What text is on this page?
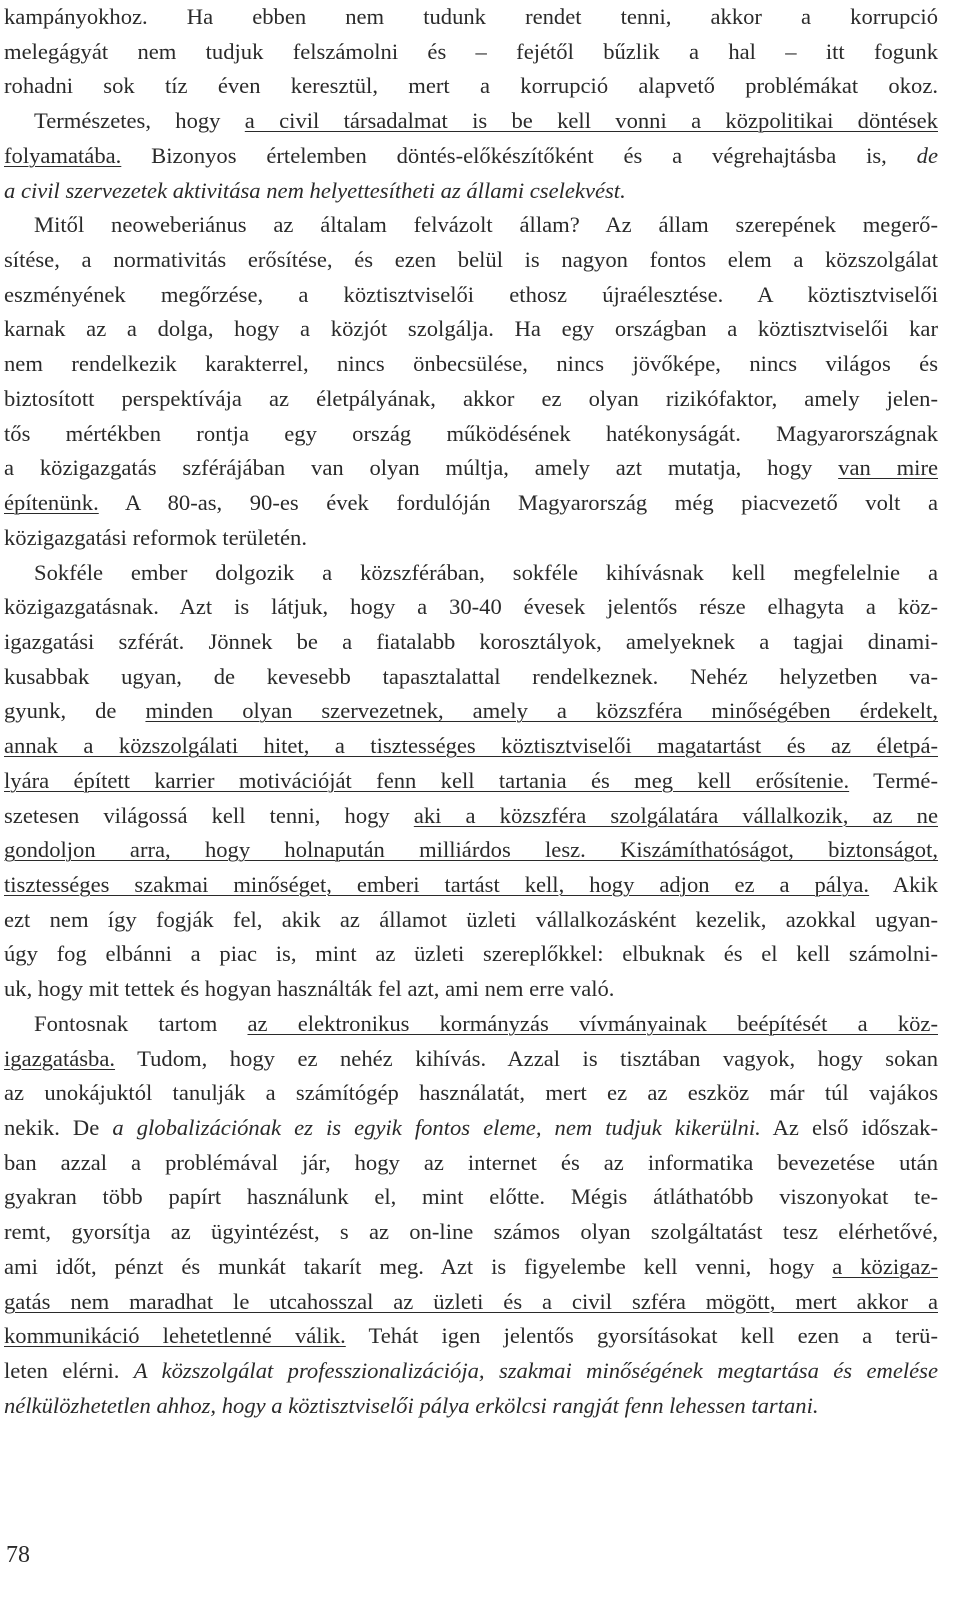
kampányokhoz. Ha ebben nem tudunk rendet tenni, akkor a korrupció
melegágyát nem tudjuk felszámolni és – fejétől bűzlik a hal – itt fogunk
rohadni sok tíz éven keresztül, mert a korrupció alapvető problémákat okoz.
Természetes, hogy a civil társadalmat is be kell vonni a közpolitikai döntések
folyamatába. Bizonyos értelemben döntés-előkészítőként és a végrehajtásba is, de
a civil szervezetek aktivitása nem helyettesítheti az állami cselekvést.
Mitől neoweberiánus az általam felvázolt állam? Az állam szerepének megerő-
sítése, a normativitás erősítése, és ezen belül is nagyon fontos elem a közszolgálat
eszményének megőrzése, a köztisztviselői ethosz újraélesztése. A köztisztviselői
karnak az a dolga, hogy a közjót szolgálja. Ha egy országban a köztisztviselői kar
nem rendelkezik karakterrel, nincs önbecsülése, nincs jövőképe, nincs világos és
biztosított perspektívája az életpályának, akkor ez olyan rizikófaktor, amely jelen-
tős mértékben rontja egy ország működésének hatékonyságát. Magyarországnak
a közigazgatás szférájában van olyan múltja, amely azt mutatja, hogy van mire
építenünk. A 80-as, 90-es évek fordulóján Magyarország még piacvezető volt a
közigazgatási reformok területén.
Sokféle ember dolgozik a közszférában, sokféle kihívásnak kell megfelelnie a
közigazgatásnak. Azt is látjuk, hogy a 30-40 évesek jelentős része elhagyta a köz-
igazgatási szférát. Jönnek be a fiatalabb korosztályok, amelyeknek a tagjai dinami-
kusabbak ugyan, de kevesebb tapasztalattal rendelkeznek. Nehéz helyzetben va-
gyunk, de minden olyan szervezetnek, amely a közszféra minőségében érdekelt,
annak a közszolgálati hitet, a tisztességes köztisztviselői magatartást és az életpá-
lyára épített karrier motivációját fenn kell tartania és meg kell erősítenie. Termé-
szetesen világossá kell tenni, hogy aki a közszféra szolgálatára vállalkozik, az ne
gondoljon arra, hogy holnapután milliárdos lesz. Kiszámíthatóságot, biztonságot,
tisztességes szakmai minőséget, emberi tartást kell, hogy adjon ez a pálya. Akik
ezt nem így fogják fel, akik az államot üzleti vállalkozásként kezelik, azokkal ugyan-
úgy fog elbánni a piac is, mint az üzleti szereplőkkel: elbuknak és el kell számolni-
uk, hogy mit tettek és hogyan használták fel azt, ami nem erre való.
Fontosnak tartom az elektronikus kormányzás vívmányainak beépítését a köz-
igazgatásba. Tudom, hogy ez nehéz kihívás. Azzal is tisztában vagyok, hogy sokan
az unokájuktól tanulják a számítógép használatát, mert ez az eszköz már túl vajákos
nekik. De a globalizációnak ez is egyik fontos eleme, nem tudjuk kikerülni. Az első időszak-
ban azzal a problémával jár, hogy az internet és az informatika bevezetése után
gyakran több papírt használunk el, mint előtte. Mégis átláthatóbb viszonyokat te-
remt, gyorsítja az ügyintézést, s az on-line számos olyan szolgáltatást tesz elérhetővé,
ami időt, pénzt és munkát takarít meg. Azt is figyelembe kell venni, hogy a közigaz-
gatás nem maradhat le utcahosszal az üzleti és a civil szféra mögött, mert akkor a
kommunikáció lehetetlenné válik. Tehát igen jelentős gyorsításokat kell ezen a terü-
leten elérni. A közszolgálat professzionalizációja, szakmai minőségének megtartása és emelése
nélkülözhetetlen ahhoz, hogy a köztisztviselői pálya erkölcsi rangját fenn lehessen tartani.
78
